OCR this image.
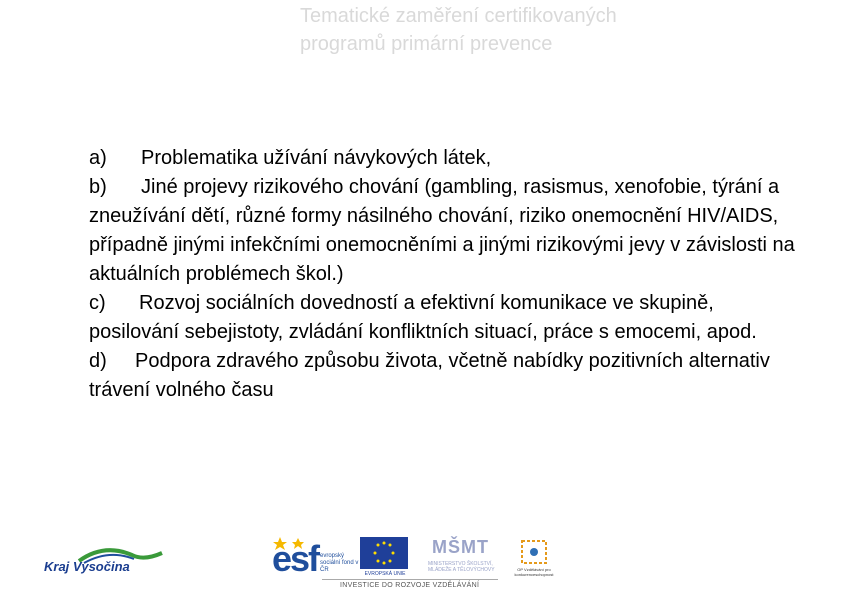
Tematické zaměření certifikovaných
programů primární prevence

a) Problematika užívání návykových látek,

b) Jiné projevy rizikového chování (gambling, rasismus, xenofobie, týrání a zneužívání dětí, různé formy násilného chování, riziko onemocnění HIV/AIDS, případně jinými infekčními onemocněními a jinými rizikovými jevy v závislosti na aktuálních problémech škol.)

c) Rozvoj sociálních dovedností a efektivní komunikace ve skupině, posilování sebejistoty, zvládání konfliktních situací, práce s emocemi, apod.

d) Podpora zdravého způsobu života, včetně nabídky pozitivních alternativ trávení volného času

Kraj Vysočina	esf evropský sociální fond v ČR
EVROPSKÁ UNIE
MŠMT
MINISTERSTVO ŠKOLSTVÍ, MLÁDEŽE A TĚLOVÝCHOVY	OP Vzdělávání pro konkurenceschopnost
INVESTICE DO ROZVOJE VZDĚLÁVÁNÍ
